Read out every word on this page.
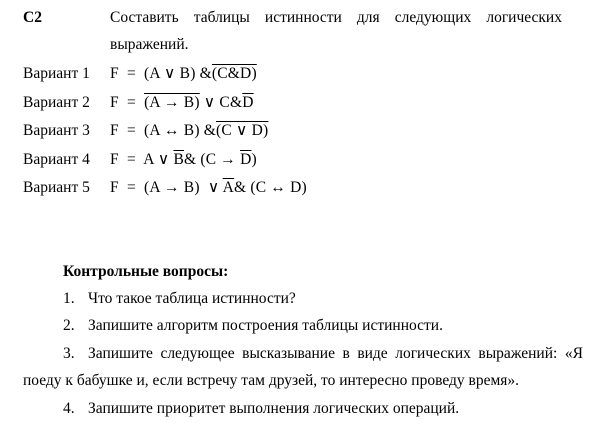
С2	Составить таблицы истинности для следующих логических
выражений.
Вариант 1 F  =  (A ∨ B) &(C&D)
Вариант 2 F  =  (A → B) ∨ $C\&\overline{D}$
Вариант 3 F  =  (A ↔ B) &(C ∨ D)
Вариант 4 F  =  A ∨ $\overline{B}\&$ $(C \to \overline{D})$
Вариант 5 F  =  (A → B)  ∨ $\overline{A}\&$ (C ↔ D)
Контрольные вопросы:
1. Что такое таблица истинности?
2. Запишите алгоритм построения таблицы истинности.
3. Запишите следующее высказывание в виде логических выражений: «Я
поеду к бабушке и, если встречу там друзей, то интересно проведу время».
4. Запишите приоритет выполнения логических операций.
